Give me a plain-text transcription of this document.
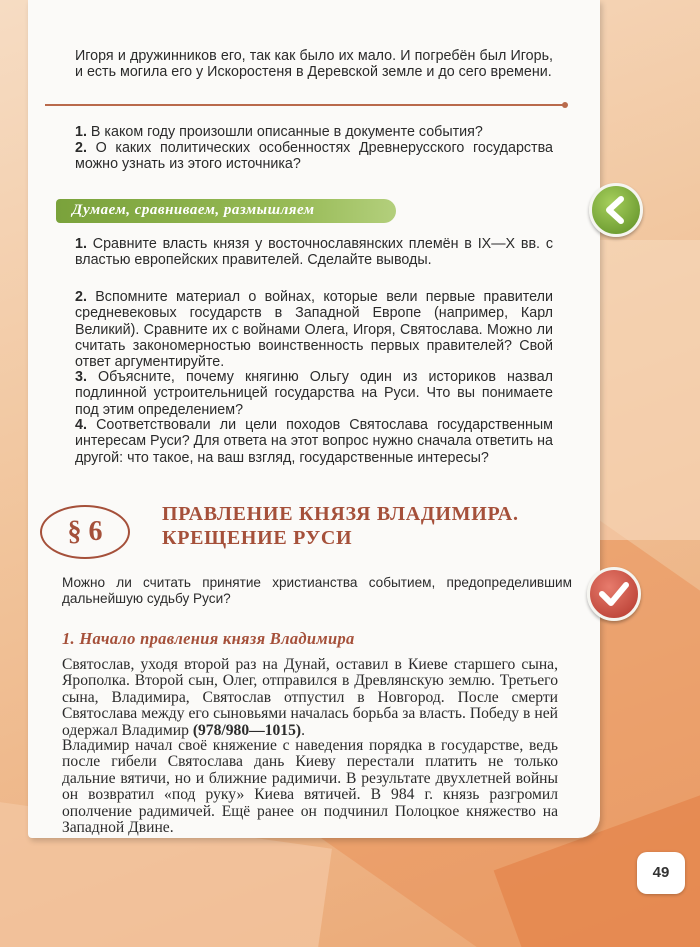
Игоря и дружинников его, так как было их мало. И погребён был Игорь, и есть могила его у Искоростеня в Деревской земле и до сего времени.

1. В каком году произошли описанные в документе события?

2. О каких политических особенностях Древнерусского государства можно узнать из этого источника?

Думаем, сравниваем, размышляем

1. Сравните власть князя у восточнославянских племён в IX—X вв. с властью европейских правителей. Сделайте выводы.

2. Вспомните материал о войнах, которые вели первые правители средневековых государств в Западной Европе (например, Карл Великий). Сравните их с войнами Олега, Игоря, Святослава. Можно ли считать закономерностью воинственность первых правителей? Свой ответ аргументируйте.

3. Объясните, почему княгиню Ольгу один из историков назвал подлинной устроительницей государства на Руси. Что вы понимаете под этим определением?

4. Соответствовали ли цели походов Святослава государственным интересам Руси? Для ответа на этот вопрос нужно сначала ответить на другой: что такое, на ваш взгляд, государственные интересы?

§ 6
ПРАВЛЕНИЕ КНЯЗЯ ВЛАДИМИРА.
КРЕЩЕНИЕ РУСИ

Можно ли считать принятие христианства событием, предопределившим дальнейшую судьбу Руси?

1. Начало правления князя Владимира

Святослав, уходя второй раз на Дунай, оставил в Киеве старшего сына, Ярополка. Второй сын, Олег, отправился в Древлянскую землю. Третьего сына, Владимира, Святослав отпустил в Новгород. После смерти Святослава между его сыновьями началась борьба за власть. Победу в ней одержал Владимир (978/980—1015).

Владимир начал своё княжение с наведения порядка в государстве, ведь после гибели Святослава дань Киеву перестали платить не только дальние вятичи, но и ближние радимичи. В результате двухлетней войны он возвратил «под руку» Киева вятичей. В 984 г. князь разгромил ополчение радимичей. Ещё ранее он подчинил Полоцкое княжество на Западной Двине.

49
